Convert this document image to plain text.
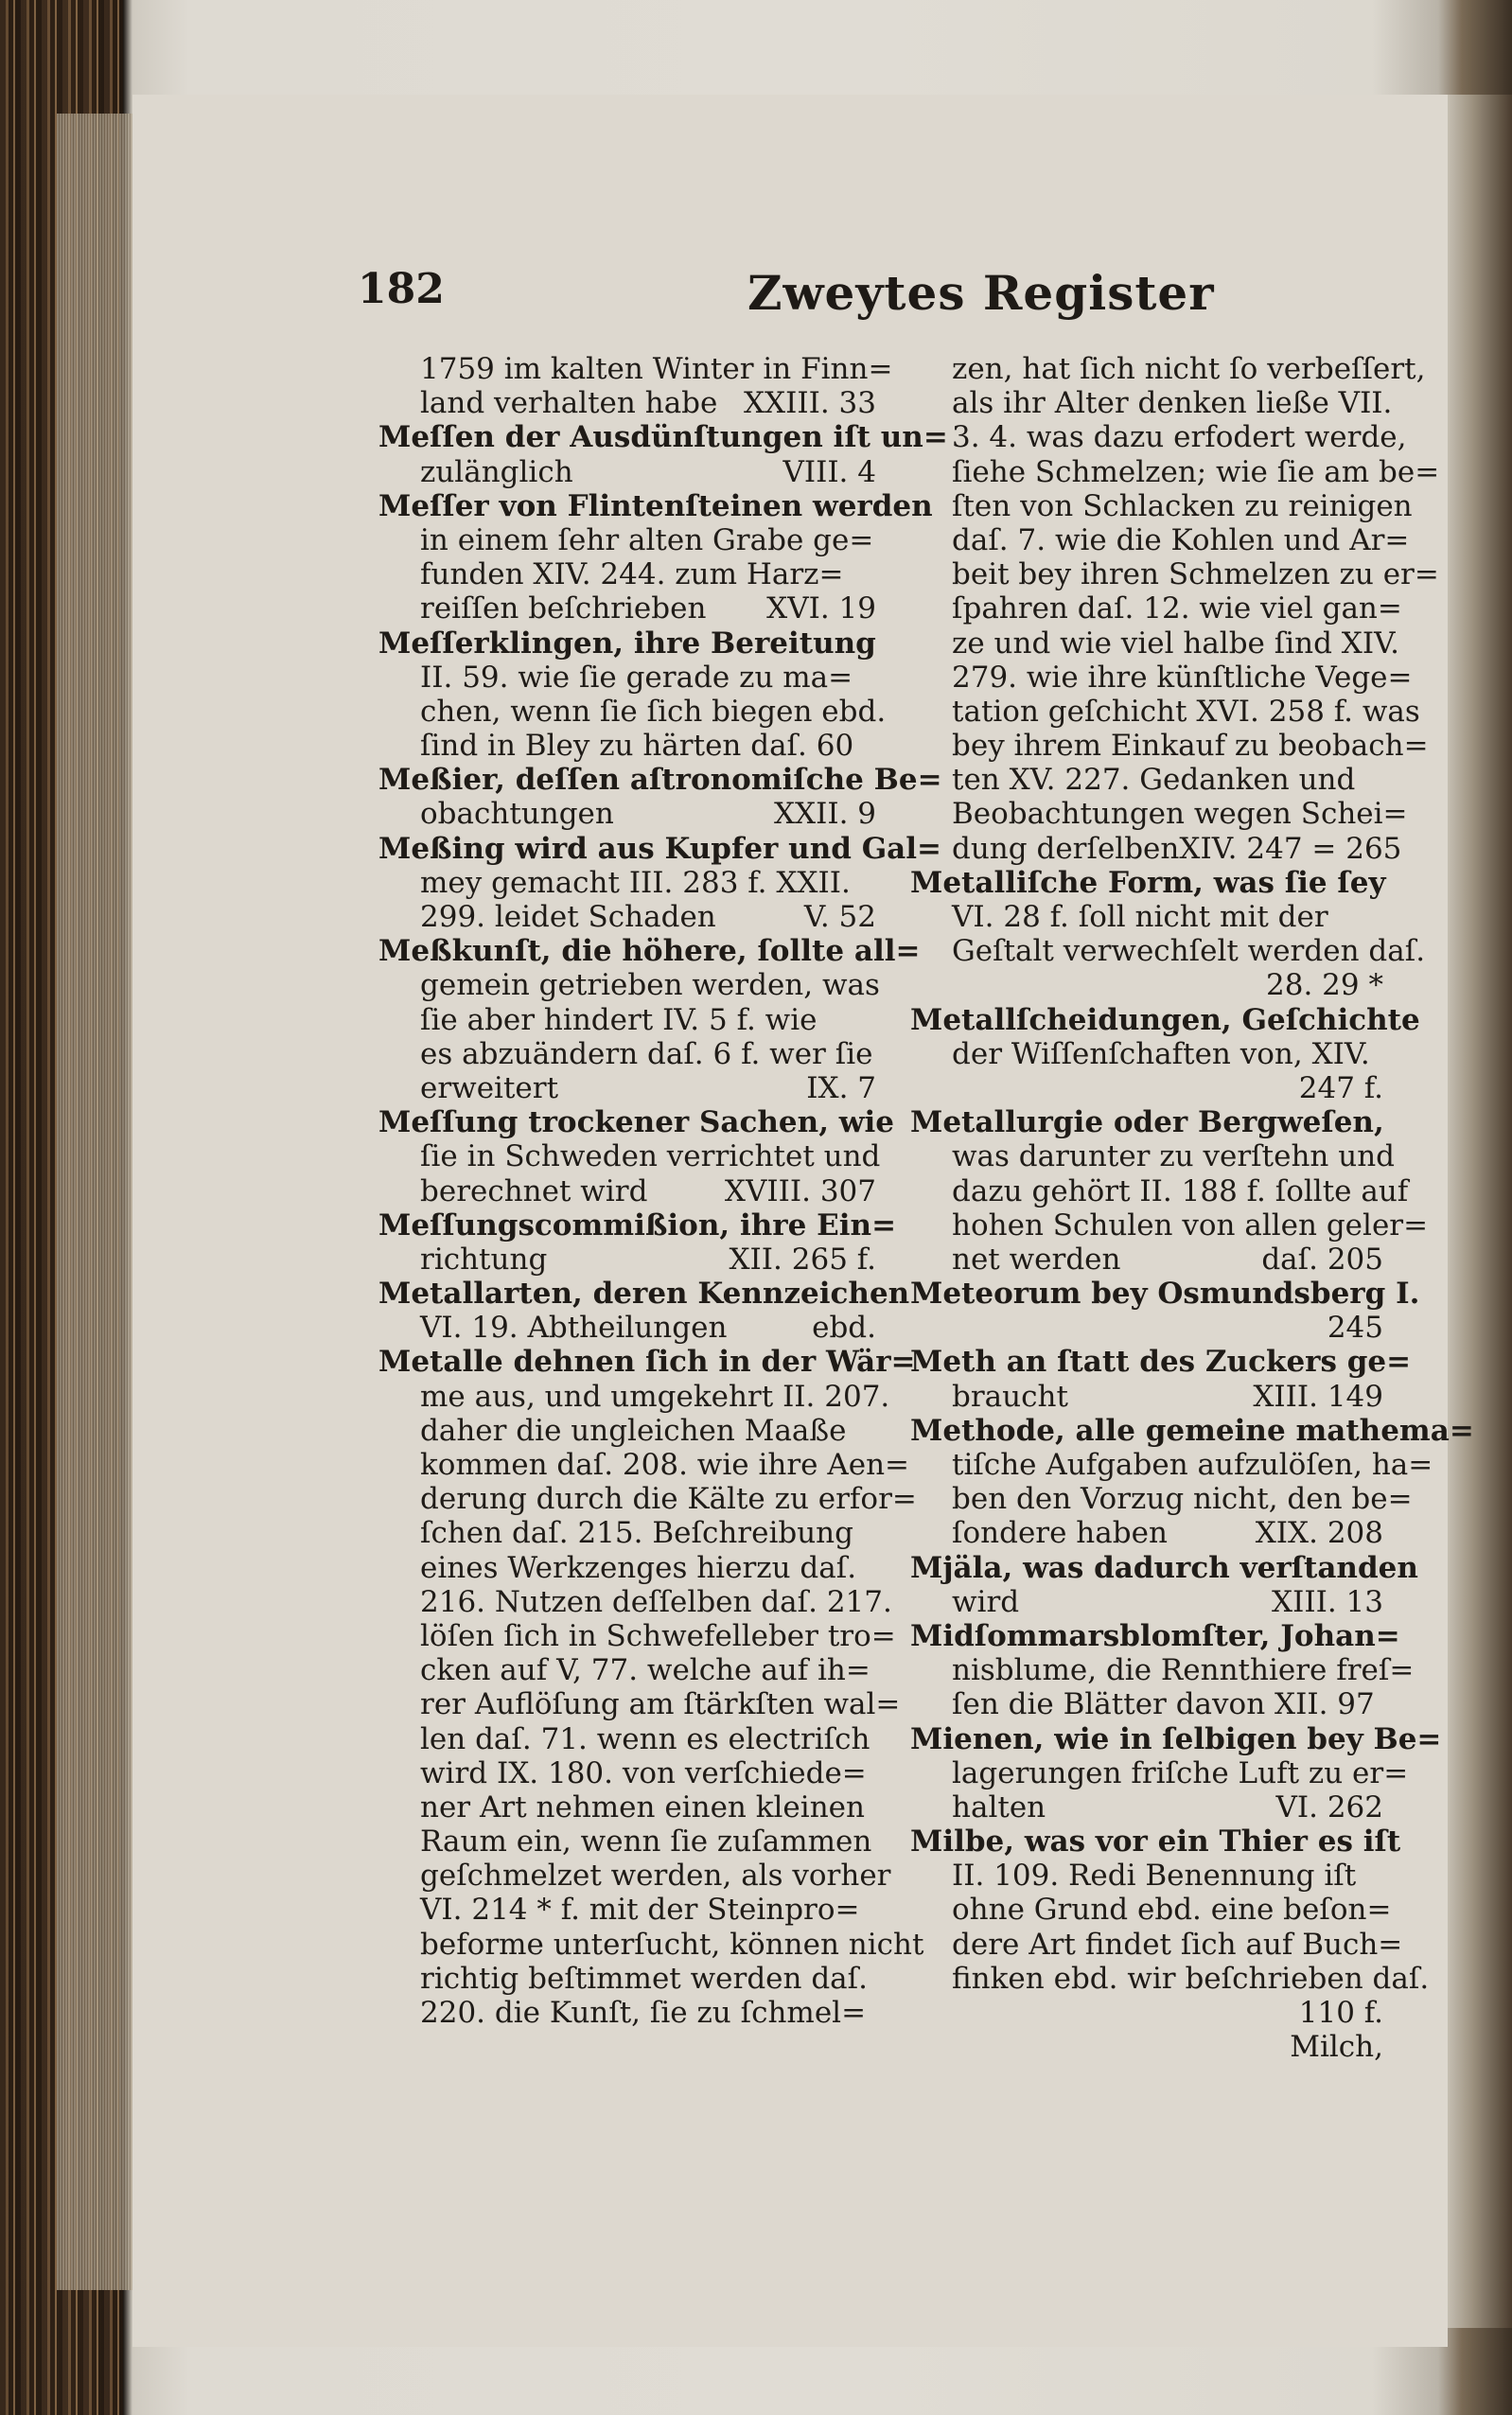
182	Zweytes Register
1759 im kalten Winter in Finn=
land verhalten habe XXIII. 33
Meſſen der Ausdünſtungen iſt un=
zulänglich	VIII. 4
Meſſer von Flintenſteinen werden
in einem ſehr alten Grabe ge=
funden XIV. 244. zum Harz=
reiſſen beſchrieben XVI. 19
Meſſerklingen, ihre Bereitung
II. 59. wie ſie gerade zu ma=
chen, wenn ſie ſich biegen ebd.
ſind in Bley zu härten daſ. 60
Meßier, deſſen aſtronomiſche Be=
obachtungen	XXII. 9
Meßing wird aus Kupfer und Gal=
mey gemacht III. 283 f. XXII.
299. leidet Schaden	V. 52
Meßkunſt, die höhere, ſollte all=
gemein getrieben werden, was
ſie aber hindert IV. 5 f. wie
es abzuändern daſ. 6 f. wer ſie
erweitert	IX. 7
Meſſung trockener Sachen, wie
ſie in Schweden verrichtet und
berechnet wird	XVIII. 307
Meſſungscommißion, ihre Ein=
richtung	XII. 265 f.
Metallarten, deren Kennzeichen
VI. 19. Abtheilungen	ebd.
Metalle dehnen ſich in der Wär=
me aus, und umgekehrt II. 207.
daher die ungleichen Maaße
kommen daſ. 208. wie ihre Aen=
derung durch die Kälte zu erfor=
ſchen daſ. 215. Beſchreibung
eines Werkzenges hierzu daſ.
216. Nutzen deſſelben daſ. 217.
löſen ſich in Schwefelleber tro=
cken auf V, 77. welche auf ih=
rer Auflöſung am ſtärkſten wal=
len daſ. 71. wenn es electriſch
wird IX. 180. von verſchiede=
ner Art nehmen einen kleinen
Raum ein, wenn ſie zuſammen
geſchmelzet werden, als vorher
VI. 214 * f. mit der Steinpro=
beforme unterſucht, können nicht
richtig beſtimmet werden daſ.
220. die Kunſt, ſie zu ſchmel=
zen, hat ſich nicht ſo verbeſſert,
als ihr Alter denken ließe VII.
3. 4. was dazu erfodert werde,
ſiehe Schmelzen; wie ſie am be=
ſten von Schlacken zu reinigen
daſ. 7. wie die Kohlen und Ar=
beit bey ihren Schmelzen zu er=
ſpahren daſ. 12. wie viel gan=
ze und wie viel halbe ſind XIV.
279. wie ihre künſtliche Vege=
tation geſchicht XVI. 258 f. was
bey ihrem Einkauf zu beobach=
ten XV. 227. Gedanken und
Beobachtungen wegen Schei=
dung derſelben XIV. 247 = 265
Metalliſche Form, was ſie ſey
VI. 28 f. ſoll nicht mit der
Geſtalt verwechſelt werden daſ.
28. 29 *
Metallſcheidungen, Geſchichte
der Wiſſenſchaften von, XIV.
247 f.
Metallurgie oder Bergweſen,
was darunter zu verſtehn und
dazu gehört II. 188 f. ſollte auf
hohen Schulen von allen geler=
net werden	daſ. 205
Meteorum bey Osmundsberg I.
245
Meth an ſtatt des Zuckers ge=
braucht	XIII. 149
Methode, alle gemeine mathema=
tiſche Aufgaben aufzulöſen, ha=
ben den Vorzug nicht, den be=
ſondere haben	XIX. 208
Mjäla, was dadurch verſtanden
wird	XIII. 13
Midſommarsblomſter, Johan=
nisblume, die Rennthiere freſ=
ſen die Blätter davon XII. 97
Mienen, wie in ſelbigen bey Be=
lagerungen friſche Luft zu er=
halten	VI. 262
Milbe, was vor ein Thier es iſt
II. 109. Redi Benennung iſt
ohne Grund ebd. eine beſon=
dere Art findet ſich auf Buch=
finken ebd. wir beſchrieben daſ.
110 f.
Milch,
